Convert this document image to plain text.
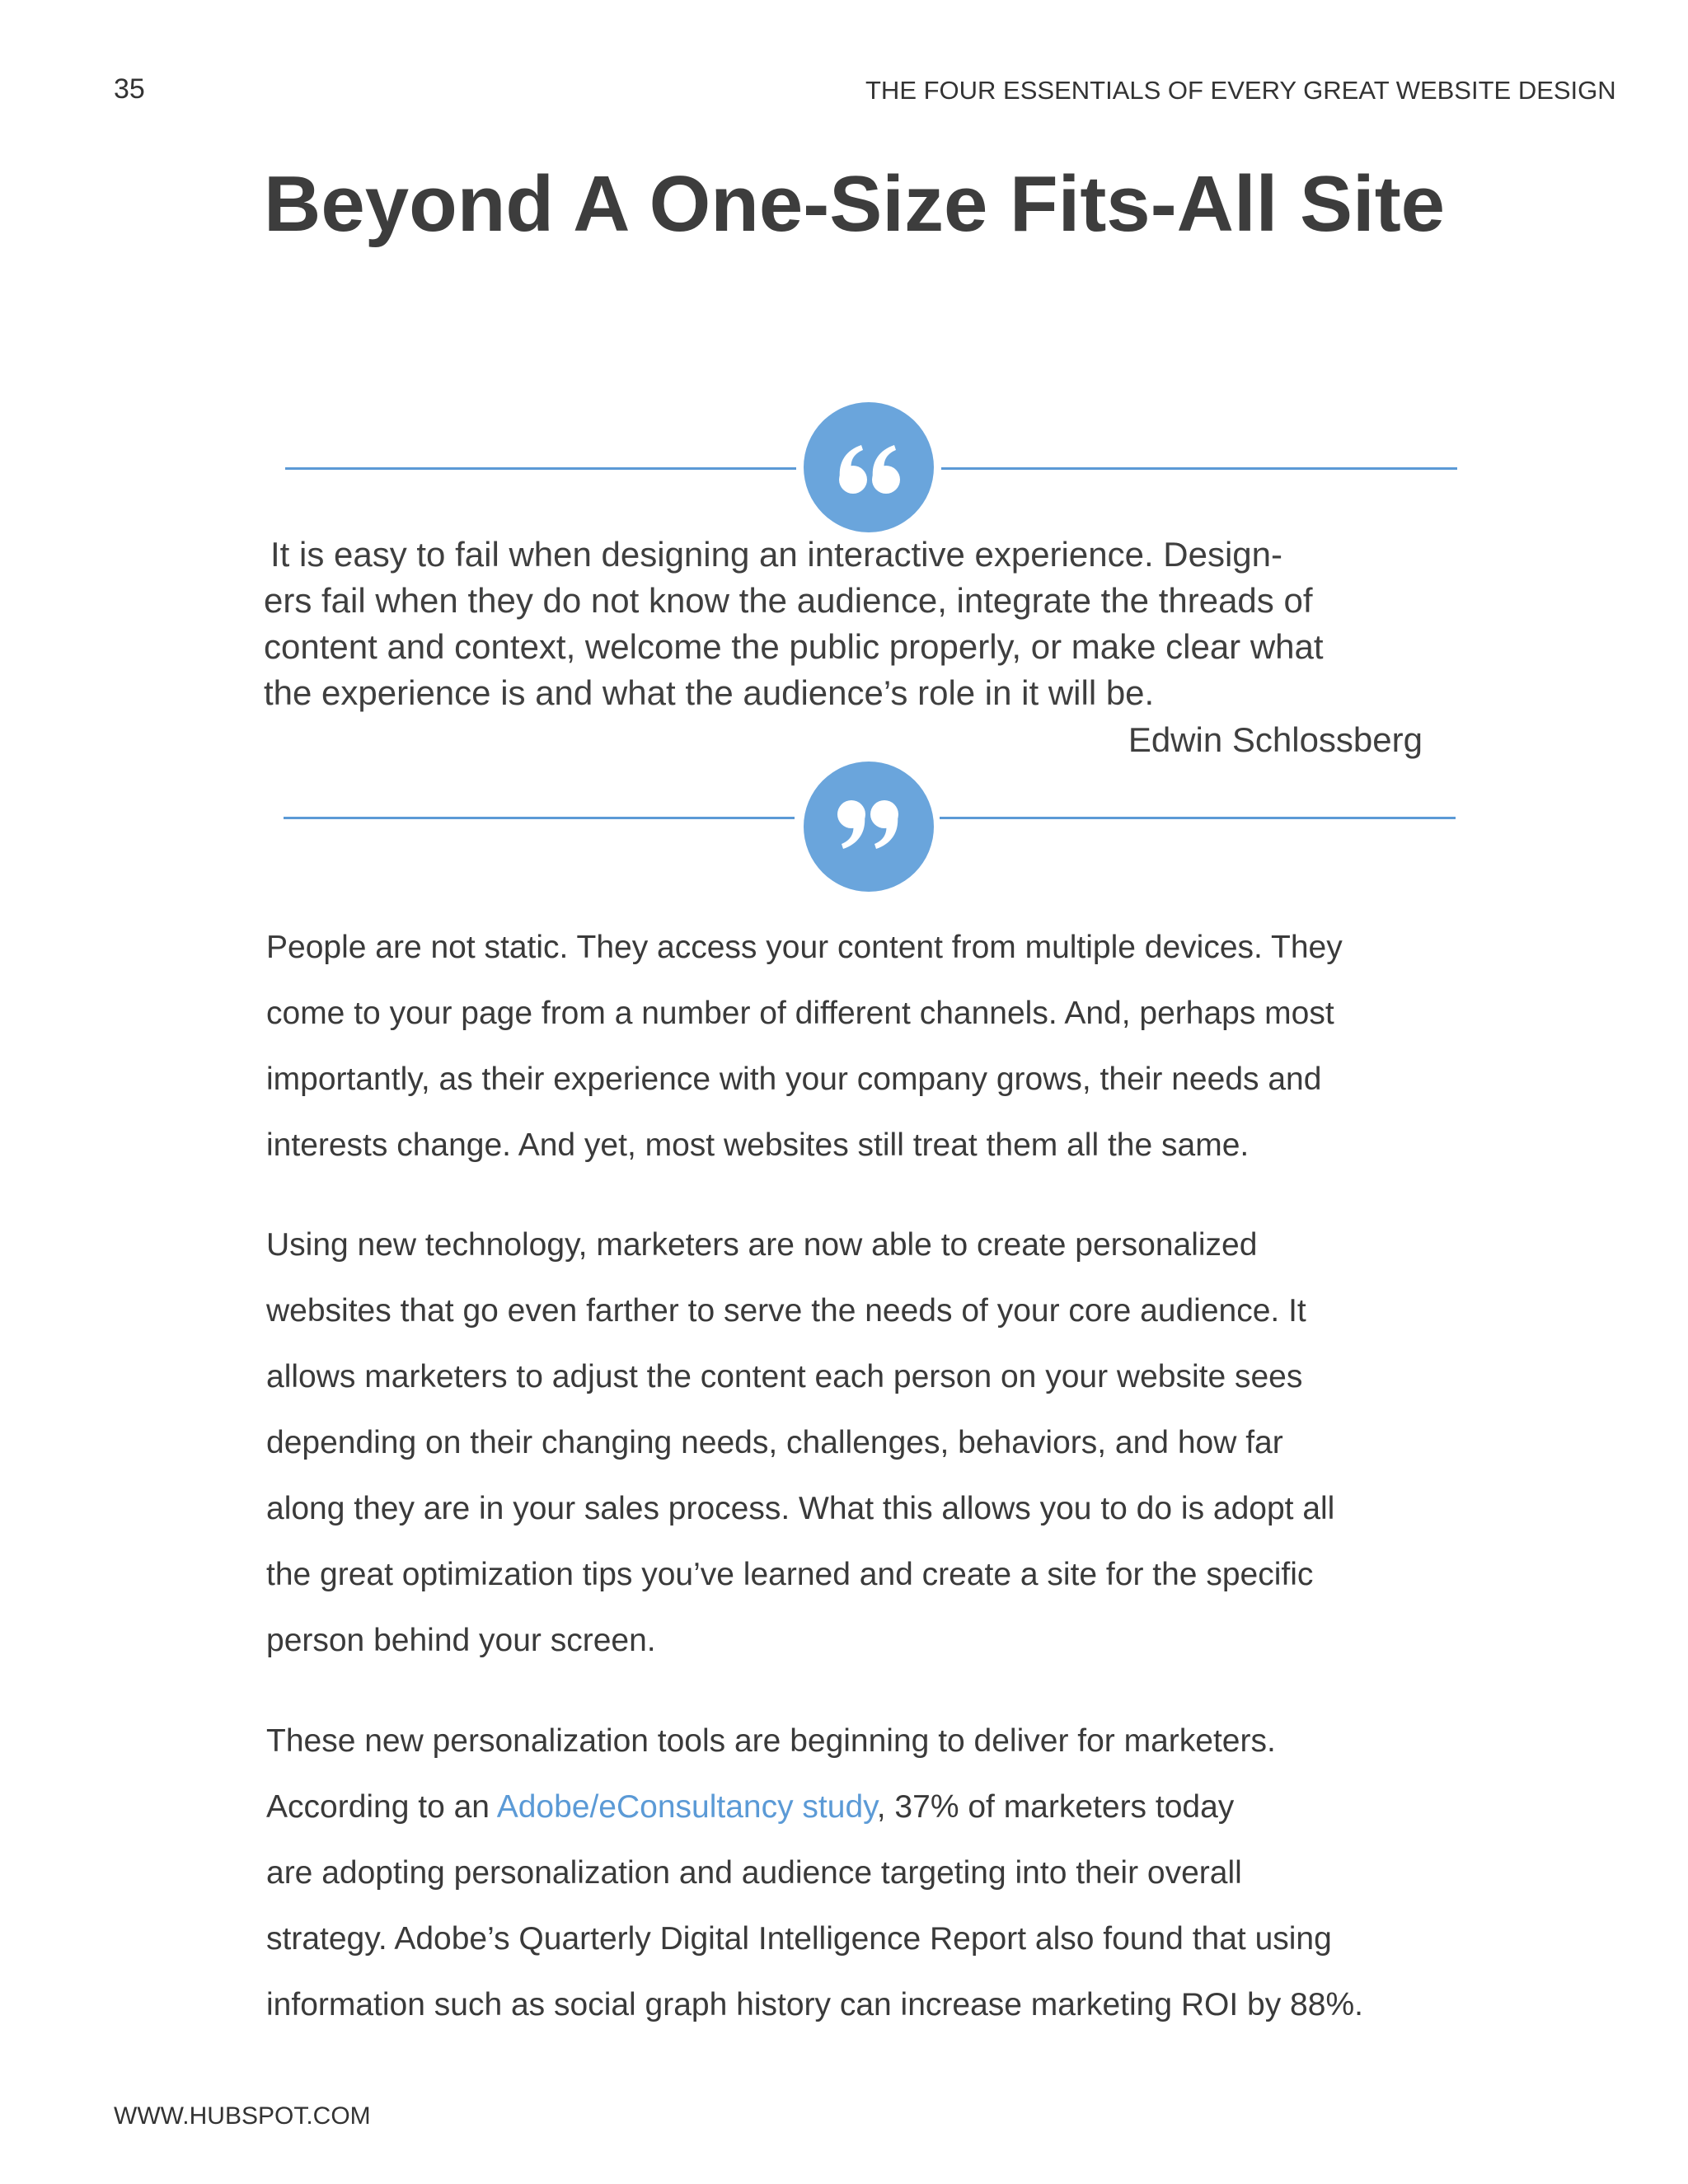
35	THE FOUR ESSENTIALS OF EVERY GREAT WEBSITE DESIGN
Beyond A One-Size Fits-All Site
It is easy to fail when designing an interactive experience. Design-
ers fail when they do not know the audience, integrate the threads of
content and context, welcome the public properly, or make clear what
the experience is and what the audience’s role in it will be.
Edwin Schlossberg
People are not static. They access your content from multiple devices. They
come to your page from a number of different channels. And, perhaps most
importantly, as their experience with your company grows, their needs and
interests change. And yet, most websites still treat them all the same.
Using new technology, marketers are now able to create personalized
websites that go even farther to serve the needs of your core audience. It
allows marketers to adjust the content each person on your website sees
depending on their changing needs, challenges, behaviors, and how far
along they are in your sales process. What this allows you to do is adopt all
the great optimization tips you’ve learned and create a site for the specific
person behind your screen.
These new personalization tools are beginning to deliver for marketers.
According to an Adobe/eConsultancy study, 37% of marketers today
are adopting personalization and audience targeting into their overall
strategy. Adobe’s Quarterly Digital Intelligence Report also found that using
information such as social graph history can increase marketing ROI by 88%.
WWW.HUBSPOT.COM
